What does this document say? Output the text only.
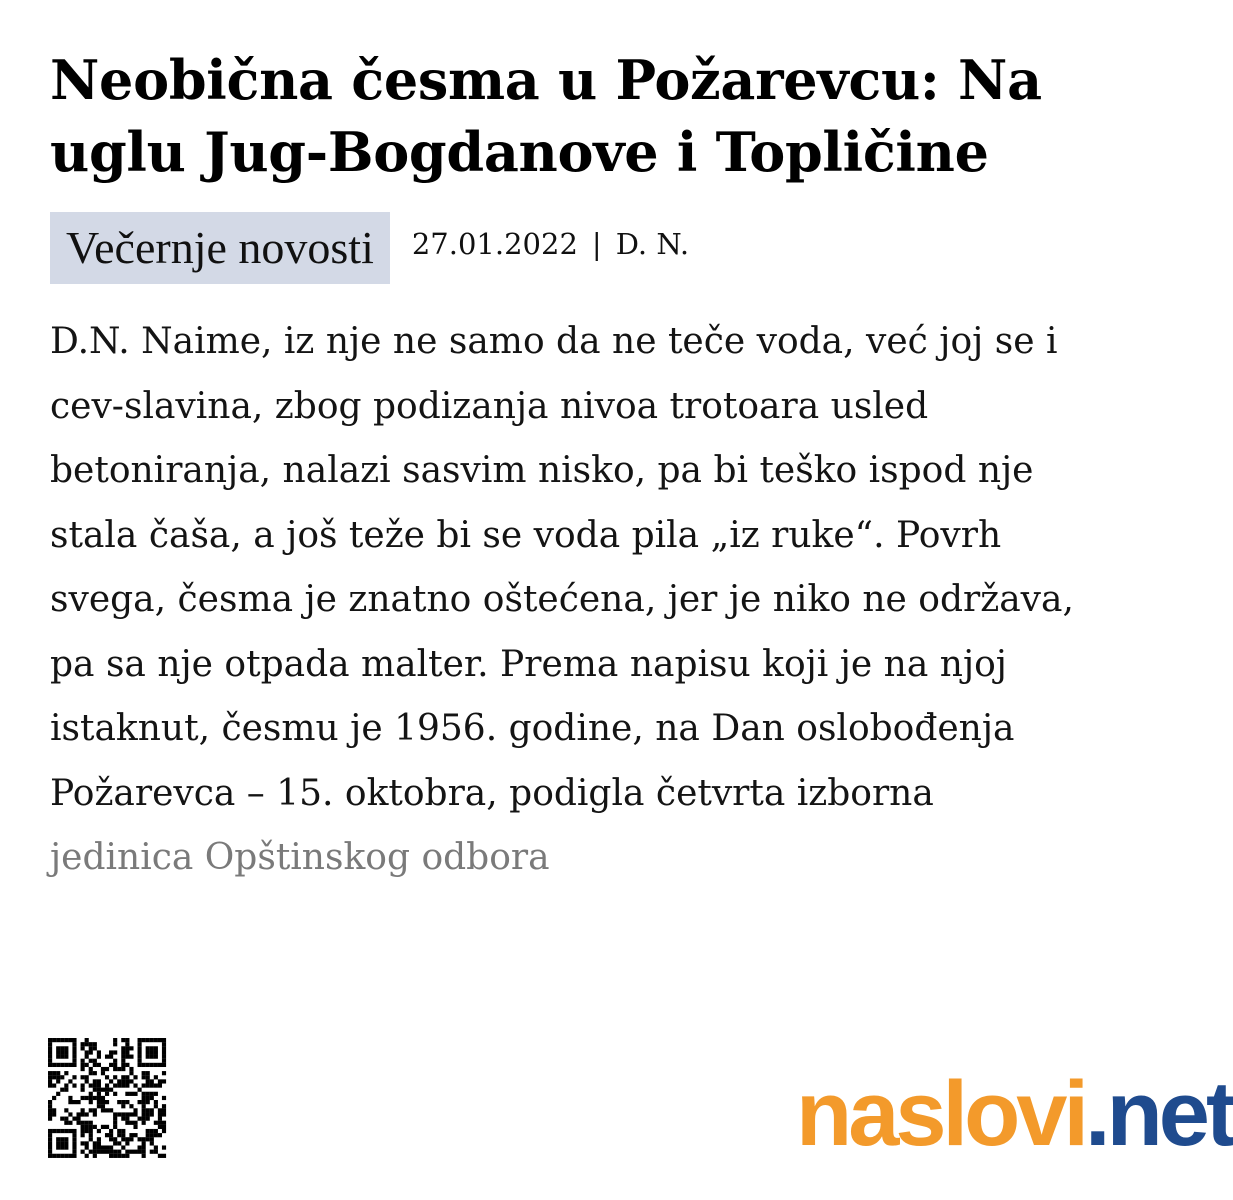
Neobična česma u Požarevcu: Na uglu Jug-Bogdanove i Topličine
Večernje novosti	27.01.2022 | D. N.
D.N. Naime, iz nje ne samo da ne teče voda, već joj se i
cev-slavina, zbog podizanja nivoa trotoara usled
betoniranja, nalazi sasvim nisko, pa bi teško ispod nje
stala čaša, a još teže bi se voda pila „iz ruke“. Povrh
svega, česma je znatno oštećena, jer je niko ne održava,
pa sa nje otpada malter. Prema napisu koji je na njoj
istaknut, česmu je 1956. godine, na Dan oslobođenja
Požarevca – 15. oktobra, podigla četvrta izborna
jedinica Opštinskog odbora
naslovi.net
